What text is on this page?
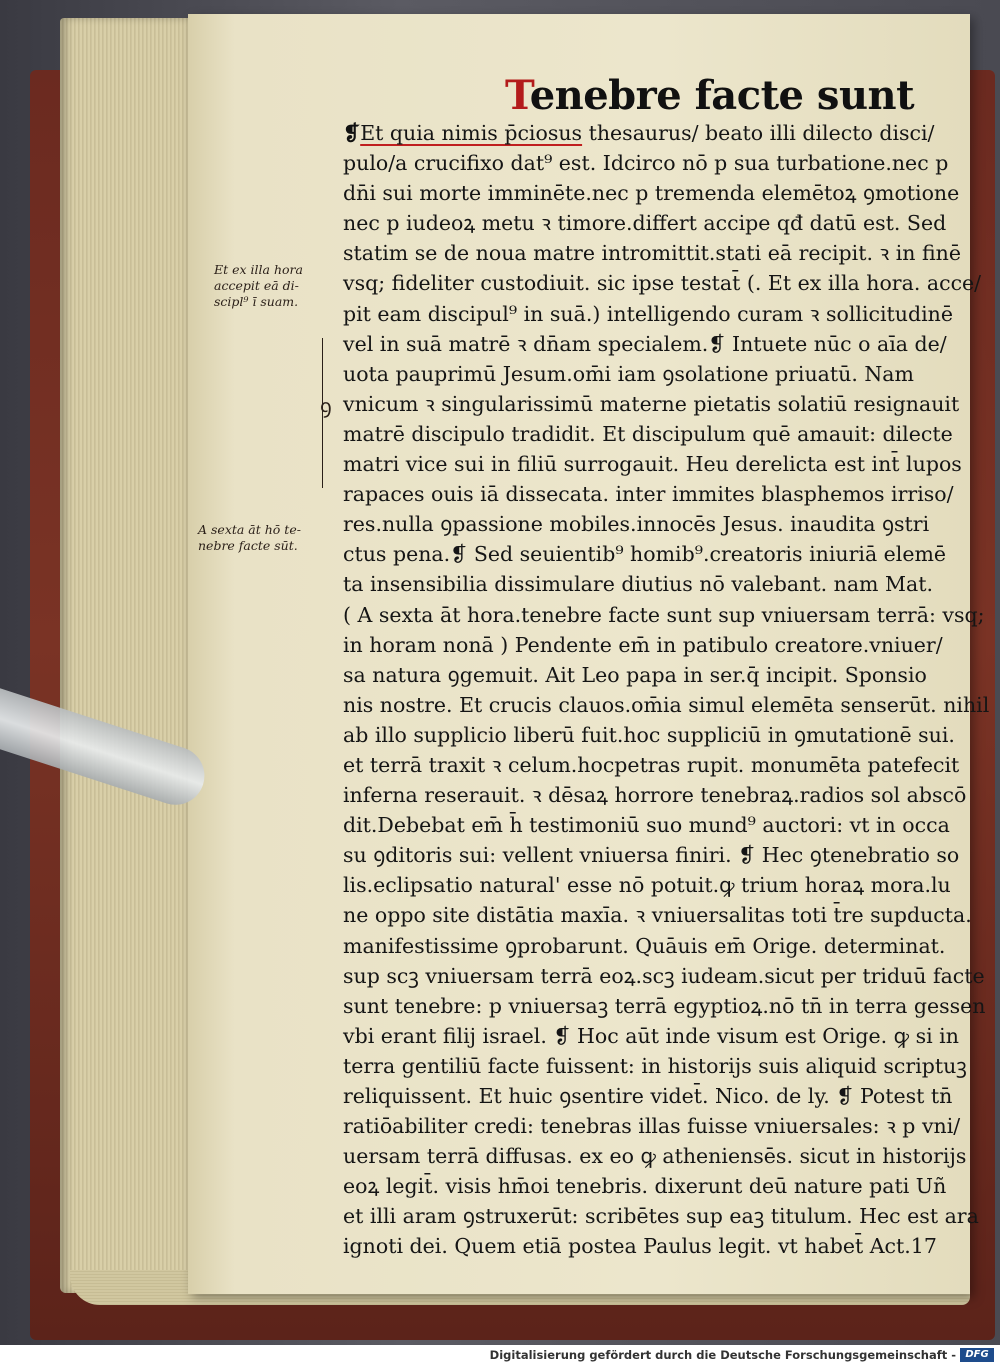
Tenebre facte sunt
❡Et quia nimis p̄ciosus thesaurus/ beato illi dilecto disci/
pulo/a crucifixo dat⁹ est. Idcirco nō p sua turbatione.nec p
dn̄i sui morte imminēte.nec p tremenda elemētoꝝ ꝯmotione
nec p iudeoꝝ metu ꝛ timore.differt accipe qđ datū est. Sed
statim se de noua matre intromittit.stati eā recipit. ꝛ in finē
vsq; fideliter custodiuit. sic ipse testat̄ (. Et ex illa hora. acce/
pit eam discipul⁹ in suā.) intelligendo curam ꝛ sollicitudinē
vel in suā matrē ꝛ dn̄am specialem.❡ Intuete nūc o aīa de/
uota pauprimū Jesum.om̄i iam ꝯsolatione priuatū. Nam
vnicum ꝛ singularissimū materne pietatis solatiū resignauit
matrē discipulo tradidit. Et discipulum quē amauit: dilecte
matri vice sui in filiū surrogauit. Heu derelicta est int̄ lupos
rapaces ouis iā dissecata. inter immites blasphemos irriso/
res.nulla ꝯpassione mobiles.innocēs Jesus. inaudita ꝯstri
ctus pena.❡ Sed seuientib⁹ homib⁹.creatoris iniuriā elemē
ta insensibilia dissimulare diutius nō valebant. nam Mat.
( A sexta āt hora.tenebre facte sunt sup vniuersam terrā: vsq;
in horam nonā ) Pendente em̄ in patibulo creatore.vniuer/
sa natura ꝯgemuit. Ait Leo papa in ser.q̄ incipit. Sponsio
nis nostre. Et crucis clauos.om̄ia simul elemēta senserūt. nihil
ab illo supplicio liberū fuit.hoc suppliciū in ꝯmutationē sui.
et terrā traxit ꝛ celum.hocpetras rupit. monumēta patefecit
inferna reserauit. ꝛ dēsaꝝ horrore tenebraꝝ.radios sol abscō
dit.Debebat em̄ h̄ testimoniū suo mund⁹ auctori: vt in occa
su ꝯditoris sui: vellent vniuersa finiri. ❡ Hec ꝯtenebratio so
lis.eclipsatio natural' esse nō potuit.ꝙ trium horaꝝ mora.lu
ne oppo site distātia maxīa. ꝛ vniuersalitas toti t̄re supducta.
manifestissime ꝯprobarunt. Quāuis em̄ Orige. determinat.
sup scꝫ vniuersam terrā eoꝝ.scꝫ iudeam.sicut per triduū facte
sunt tenebre: p vniuersaꝫ terrā egyptioꝝ.nō tn̄ in terra gessen
vbi erant filij israel. ❡ Hoc aūt inde visum est Orige. ꝙ si in
terra gentiliū facte fuissent: in historijs suis aliquid scriptuꝫ
reliquissent. Et huic ꝯsentire videt̄. Nico. de ly. ❡ Potest tn̄
ratiōabiliter credi: tenebras illas fuisse vniuersales: ꝛ p vni/
uersam terrā diffusas. ex eo ꝙ atheniensēs. sicut in historijs
eoꝝ legit̄. visis hm̄oi tenebris. dixerunt deū nature pati Uñ
et illi aram ꝯstruxerūt: scribētes sup eaꝫ titulum. Hec est ara
ignoti dei. Quem etiā postea Paulus legit. vt habet̄ Act.17
Et ex illa hora
accepit eā di-
scipl⁹ ī suam.
ꝯ
A sexta āt hō te-
nebre facte sūt.
Digitalisierung gefördert durch die Deutsche Forschungsgemeinschaft - DFG
